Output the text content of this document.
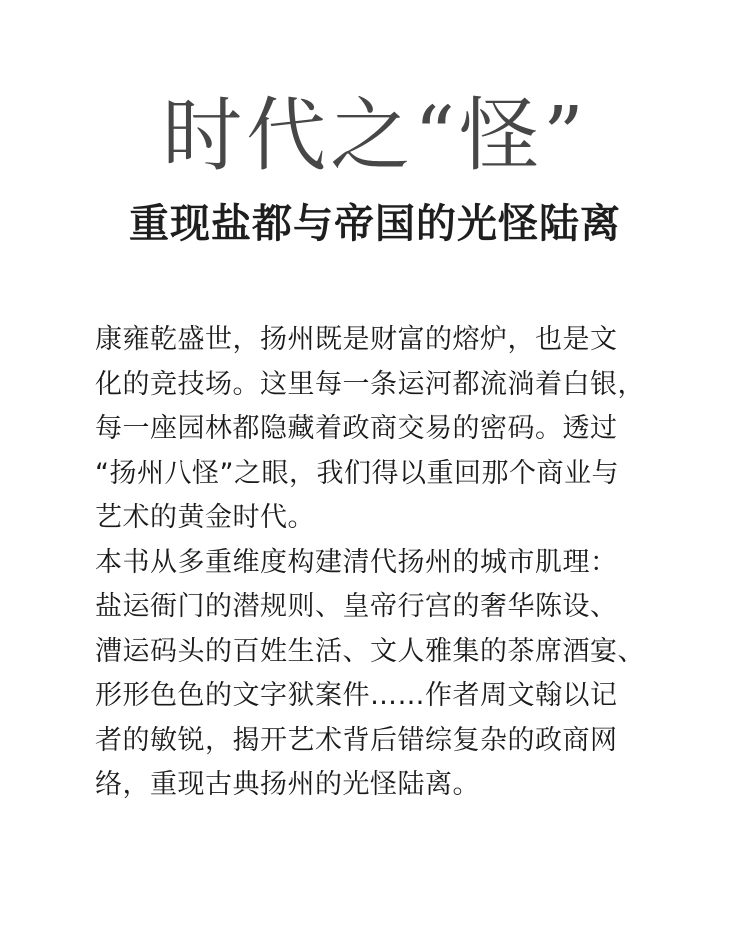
时代之“怪”
重现盐都与帝国的光怪陆离
康雍乾盛世，扬州既是财富的熔炉，也是文
化的竞技场。这里每一条运河都流淌着白银，
每一座园林都隐藏着政商交易的密码。透过
“扬州八怪”之眼，我们得以重回那个商业与
艺术的黄金时代。
本书从多重维度构建清代扬州的城市肌理：
盐运衙门的潜规则、皇帝行宫的奢华陈设、
漕运码头的百姓生活、文人雅集的茶席酒宴、
形形色色的文字狱案件……作者周文翰以记
者的敏锐，揭开艺术背后错综复杂的政商网
络，重现古典扬州的光怪陆离。
